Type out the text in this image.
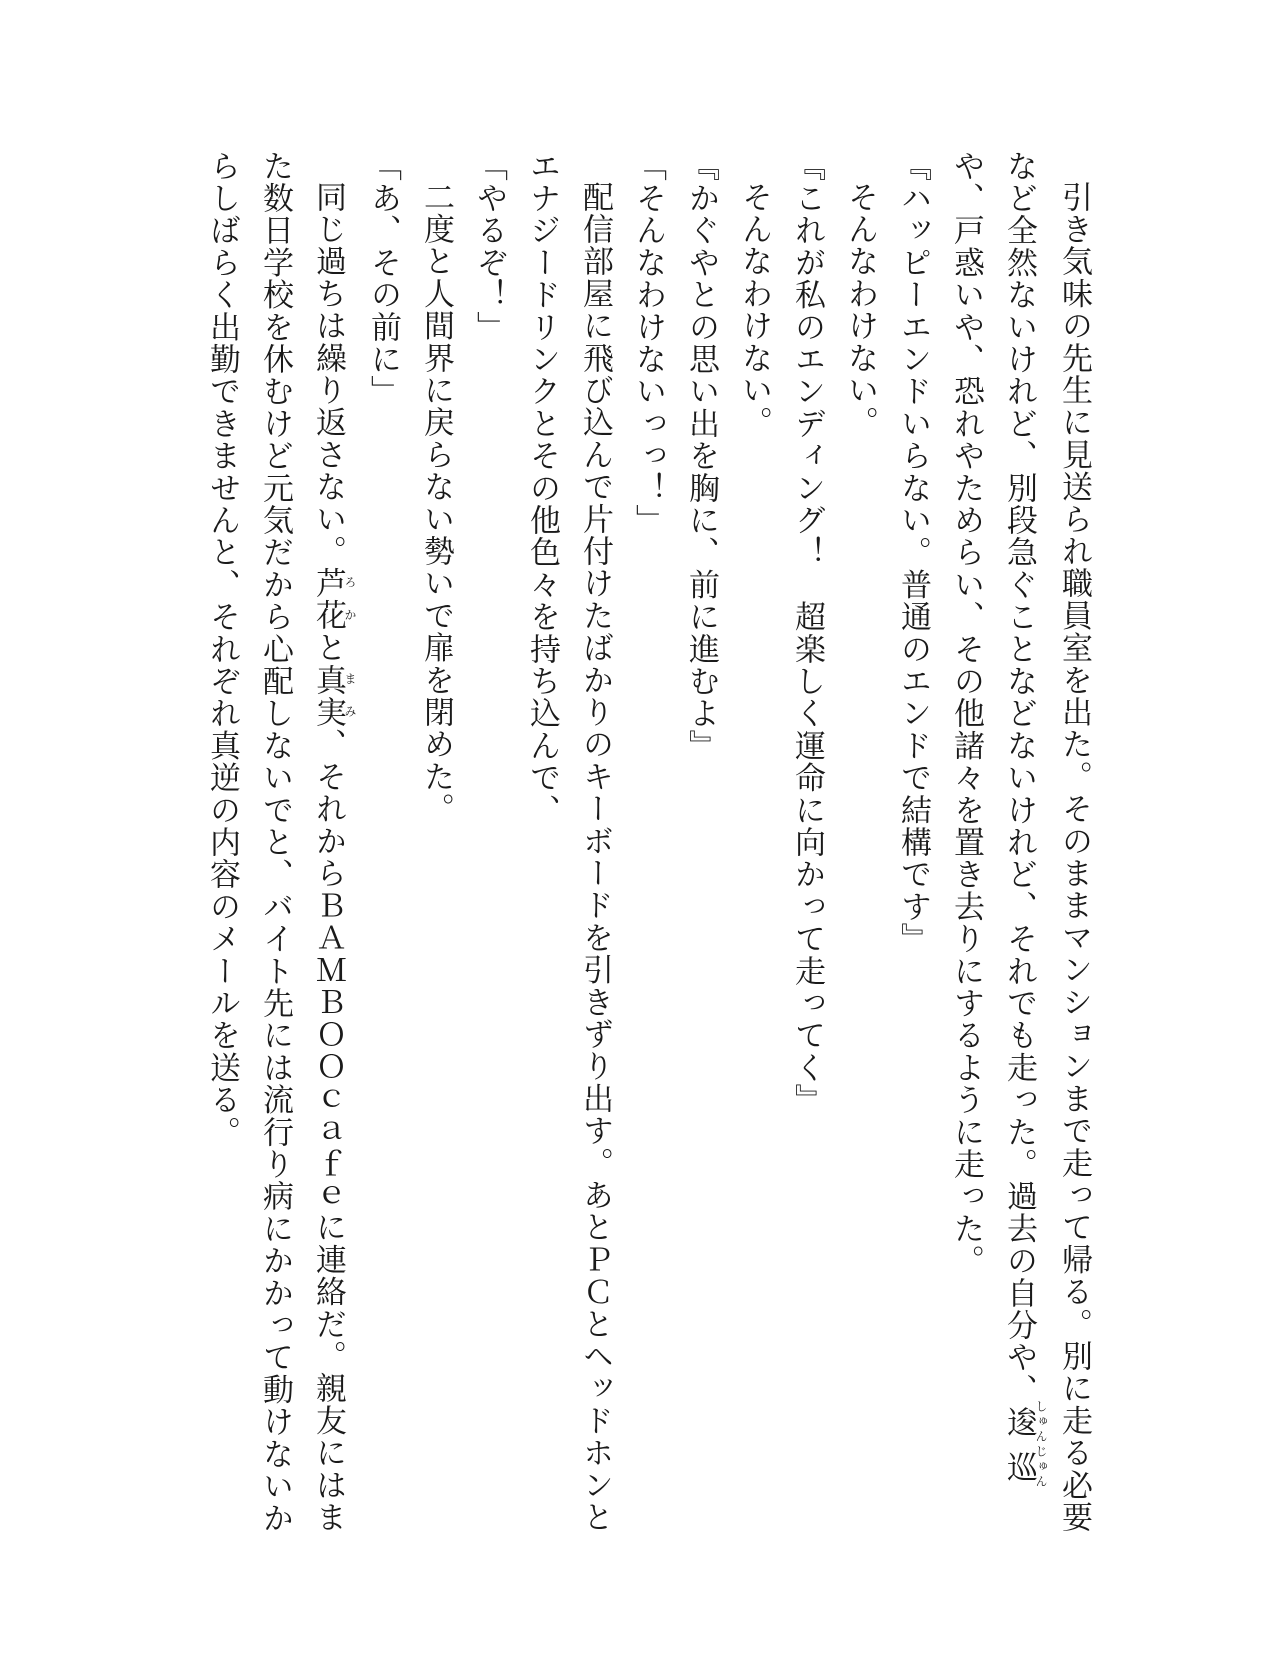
引き気味の先生に見送られ職員室を出た。そのままマンションまで走って帰る。別に走る必要

など全然ないけれど、別段急ぐことなどないけれど、それでも走った。過去の自分や、逡巡しゅんじゅん

や、戸惑いや、恐れやためらい、その他諸々を置き去りにするように走った。

『ハッピーエンドいらない。普通のエンドで結構です』

そんなわけない。

『これが私のエンディング！　超楽しく運命に向かって走ってく』

そんなわけない。

『かぐやとの思い出を胸に、前に進むよ』

「そんなわけないっっ！」

配信部屋に飛び込んで片付けたばかりのキーボードを引きずり出す。あとＰＣとヘッドホンと

エナジードリンクとその他色々を持ち込んで、

「やるぞ！」

二度と人間界に戻らない勢いで扉を閉めた。

「あ、その前に」

同じ過ちは繰り返さない。芦花ろかと真実まみ、それからＢＡＭＢＯＯｃａｆｅに連絡だ。親友にはま

た数日学校を休むけど元気だから心配しないでと、バイト先には流行り病にかかって動けないか

らしばらく出勤できませんと、それぞれ真逆の内容のメールを送る。
